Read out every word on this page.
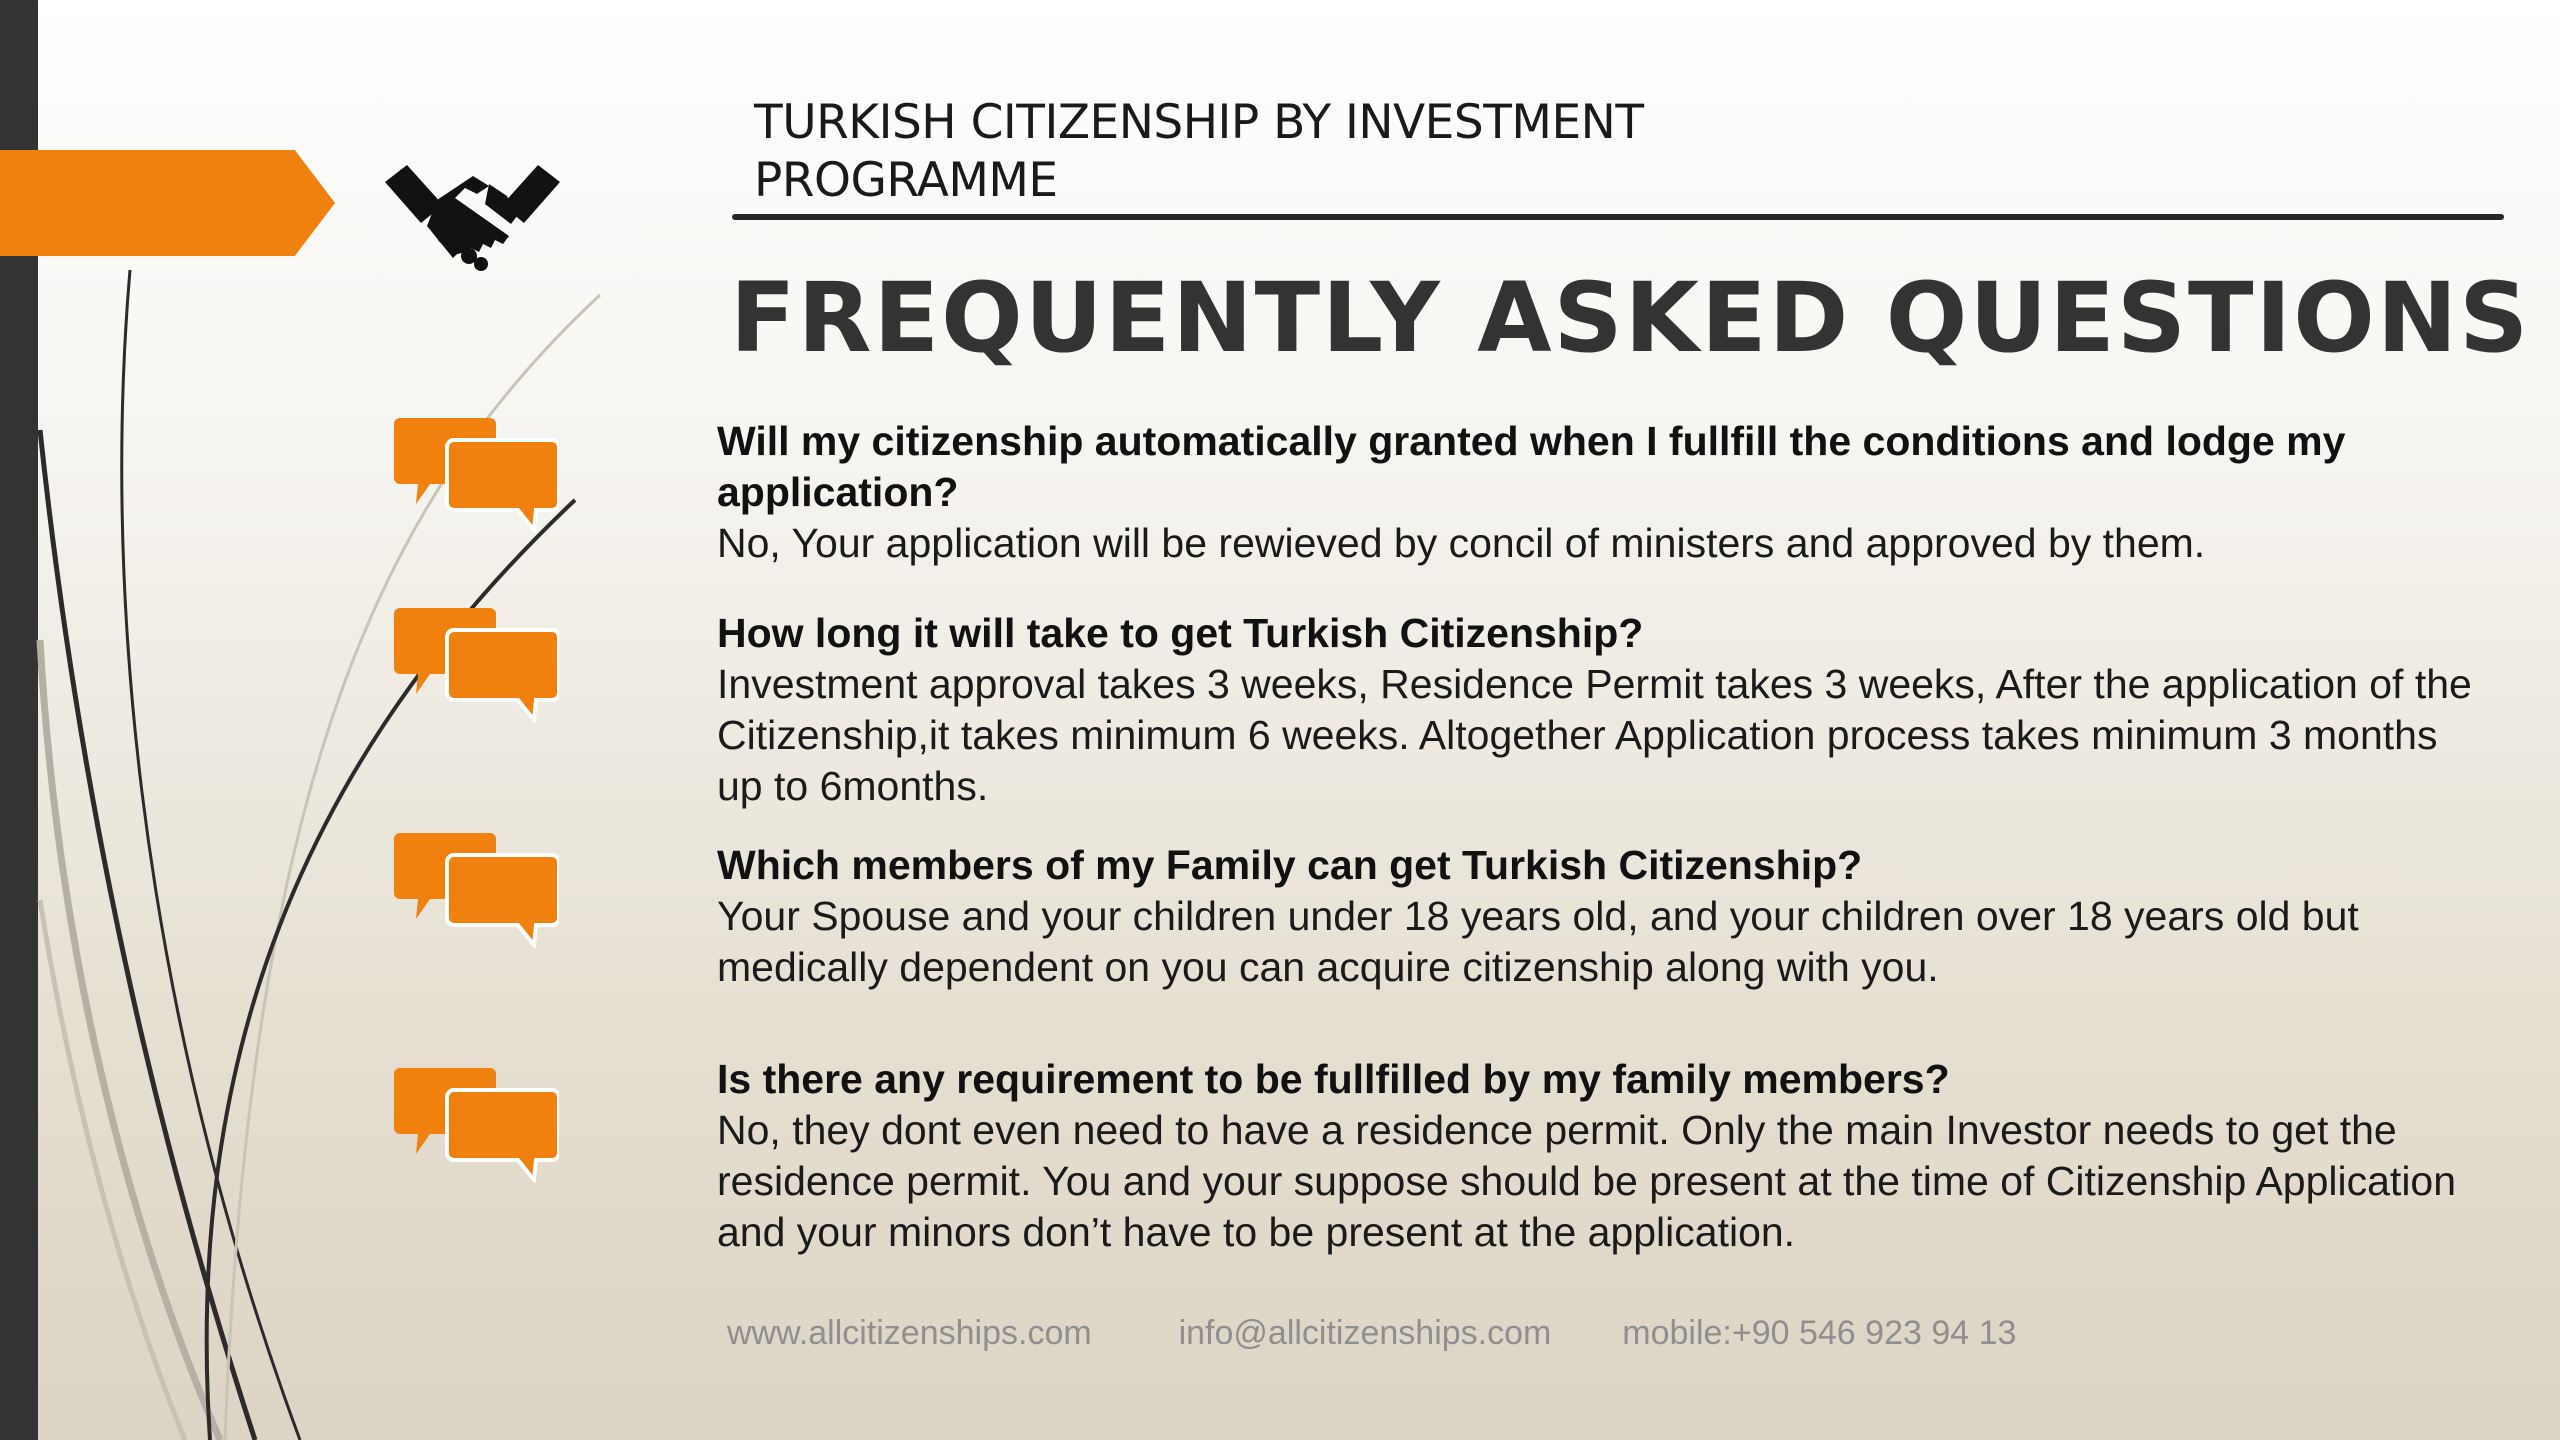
TURKISH CITIZENSHIP BY INVESTMENT
PROGRAMME
FREQUENTLY ASKED QUESTIONS
Will my citizenship automatically granted when I fullfill the conditions and lodge my application?
No, Your application will be rewieved by concil of ministers and approved by them.
How long it will take to get Turkish Citizenship?
Investment approval takes 3 weeks, Residence Permit takes 3 weeks, After the application of the Citizenship,it takes minimum 6 weeks. Altogether Application process takes minimum 3 months up to 6months.
Which members of my Family can get Turkish Citizenship?
Your Spouse and your children under 18 years old, and your children over 18 years old but medically dependent on you can acquire citizenship along with you.
Is there any requirement to be fullfilled by my family members?
No, they dont even need to have a residence permit. Only the main Investor needs to get the residence permit. You and your suppose should be present at the time of Citizenship Application and your minors don’t have to be present at the application.
www.allcitizenships.com	info@allcitizenships.com mobile:+90 546 923 94 13
